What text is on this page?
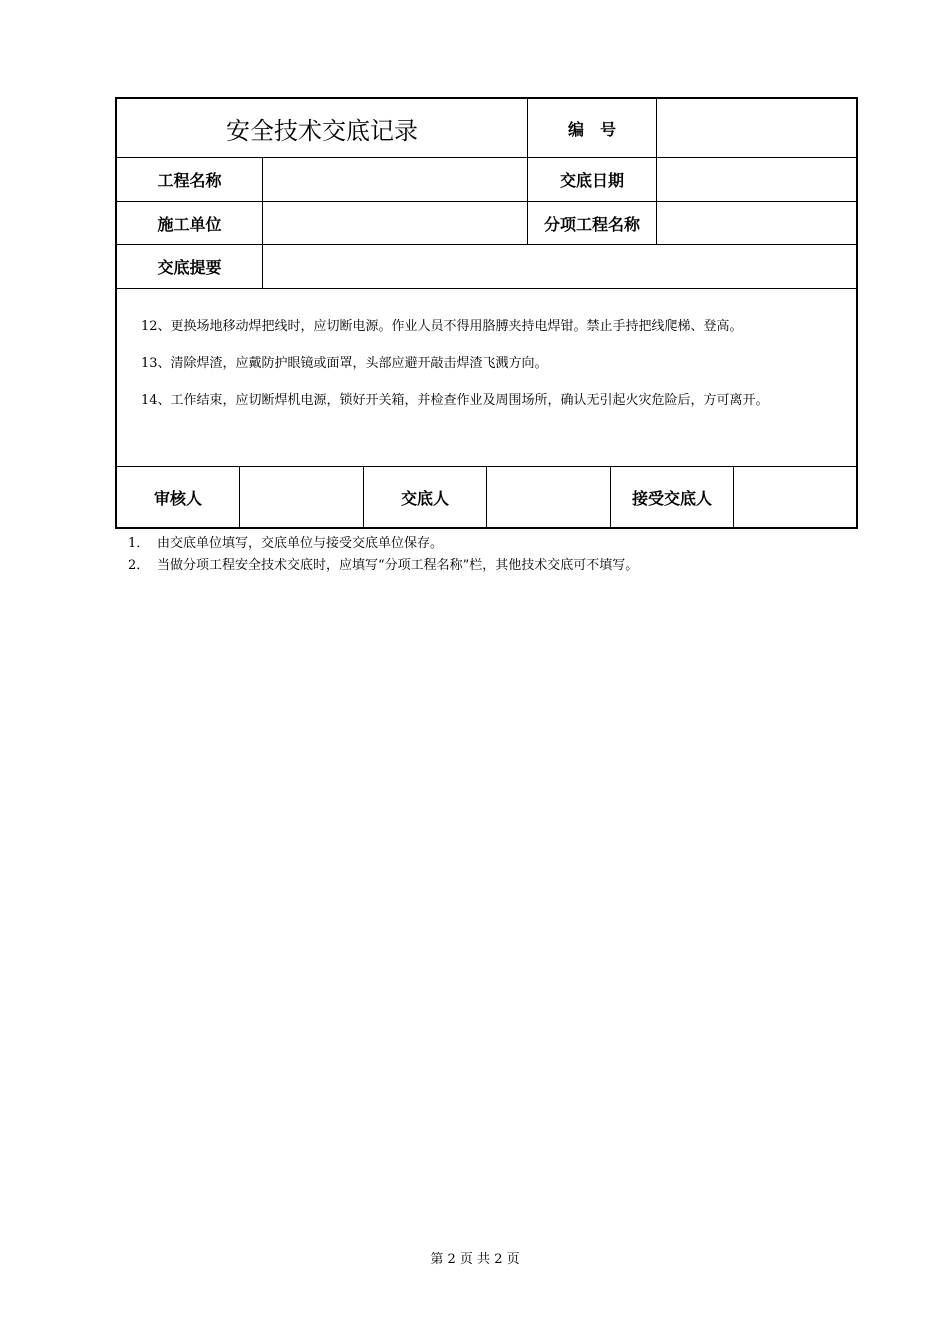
安全技术交底记录	编　号
工程名称	交底日期
施工单位	分项工程名称
交底提要
12、更换场地移动焊把线时，应切断电源。作业人员不得用胳膊夹持电焊钳。禁止手持把线爬梯、登高。
13、清除焊渣，应戴防护眼镜或面罩，头部应避开敲击焊渣飞溅方向。
14、工作结束，应切断焊机电源，锁好开关箱，并检查作业及周围场所，确认无引起火灾危险后，方可离开。
审核人	交底人	接受交底人
1． 由交底单位填写，交底单位与接受交底单位保存。
2． 当做分项工程安全技术交底时，应填写“分项工程名称”栏，其他技术交底可不填写。
第 2 页 共 2 页
